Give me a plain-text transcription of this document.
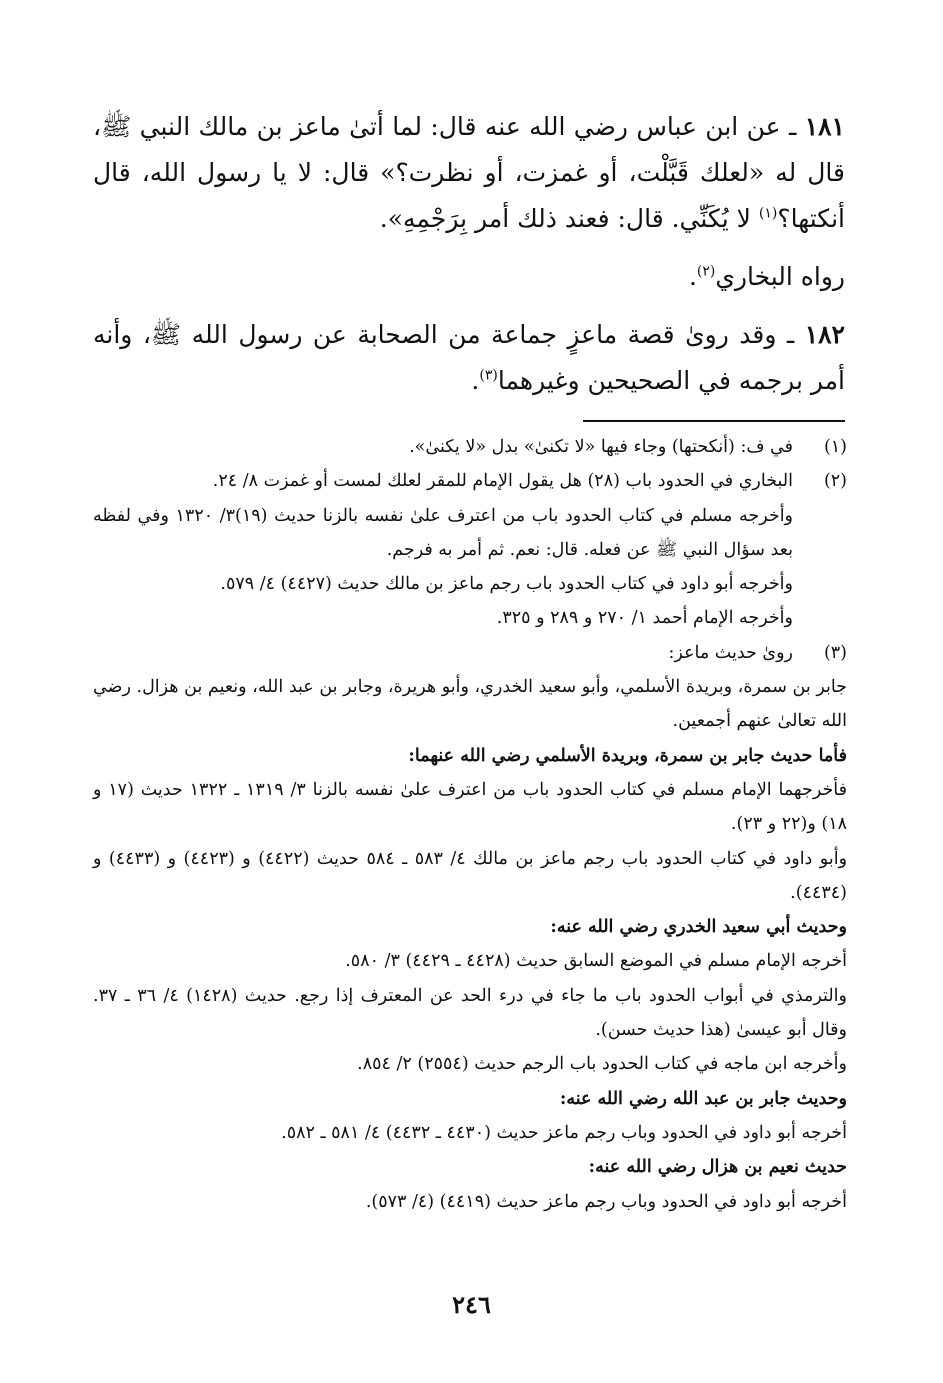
١٨١ ـ عن ابن عباس رضي الله عنه قال: لما أتىٰ ماعز بن مالك النبي ﷺ، قال له «لعلك قَبَّلْت، أو غمزت، أو نظرت؟» قال: لا يا رسول الله، قال أنكتها؟$^{(١)}$ لا يُكَنِّي. قال: فعند ذلك أمر بِرَجْمِهِ».

رواه البخاري$^{(٢)}$.

١٨٢ ـ وقد روىٰ قصة ماعزٍ جماعة من الصحابة عن رسول الله ﷺ، وأنه أمر برجمه في الصحيحين وغيرهما$^{(٣)}$.

(١)
في ف: (أنكحتها) وجاء فيها «لا تكنىٰ» بدل «لا يكنىٰ».
(٢)
البخاري في الحدود باب (٢٨) هل يقول الإمام للمقر لعلك لمست أو غمزت ٨/ ٢٤.
وأخرجه مسلم في كتاب الحدود باب من اعترف علىٰ نفسه بالزنا حديث (١٩)٣/ ١٣٢٠ وفي لفظه بعد سؤال النبي ﷺ عن فعله. قال: نعم. ثم أمر به فرجم.
وأخرجه أبو داود في كتاب الحدود باب رجم ماعز بن مالك حديث (٤٤٢٧) ٤/ ٥٧٩.
وأخرجه الإمام أحمد ١/ ٢٧٠ و ٢٨٩ و ٣٢٥.
(٣)
روىٰ حديث ماعز:
جابر بن سمرة، وبريدة الأسلمي، وأبو سعيد الخدري، وأبو هريرة، وجابر بن عبد الله، ونعيم بن هزال. رضي الله تعالىٰ عنهم أجمعين.
فأما حديث جابر بن سمرة، وبريدة الأسلمي رضي الله عنهما:
فأخرجهما الإمام مسلم في كتاب الحدود باب من اعترف علىٰ نفسه بالزنا ٣/ ١٣١٩ ـ ١٣٢٢ حديث (١٧ و ١٨) و(٢٢ و ٢٣).
وأبو داود في كتاب الحدود باب رجم ماعز بن مالك ٤/ ٥٨٣ ـ ٥٨٤ حديث (٤٤٢٢) و (٤٤٢٣) و (٤٤٣٣) و (٤٤٣٤).
وحديث أبي سعيد الخدري رضي الله عنه:
أخرجه الإمام مسلم في الموضع السابق حديث (٤٤٢٨ ـ ٤٤٢٩) ٣/ ٥٨٠.
والترمذي في أبواب الحدود باب ما جاء في درء الحد عن المعترف إذا رجع. حديث (١٤٢٨) ٤/ ٣٦ ـ ٣٧. وقال أبو عيسىٰ (هذا حديث حسن).
وأخرجه ابن ماجه في كتاب الحدود باب الرجم حديث (٢٥٥٤) ٢/ ٨٥٤.
وحديث جابر بن عبد الله رضي الله عنه:
أخرجه أبو داود في الحدود وباب رجم ماعز حديث (٤٤٣٠ ـ ٤٤٣٢) ٤/ ٥٨١ ـ ٥٨٢.
حديث نعيم بن هزال رضي الله عنه:
أخرجه أبو داود في الحدود وباب رجم ماعز حديث (٤٤١٩) (٤/ ٥٧٣).
٢٤٦
